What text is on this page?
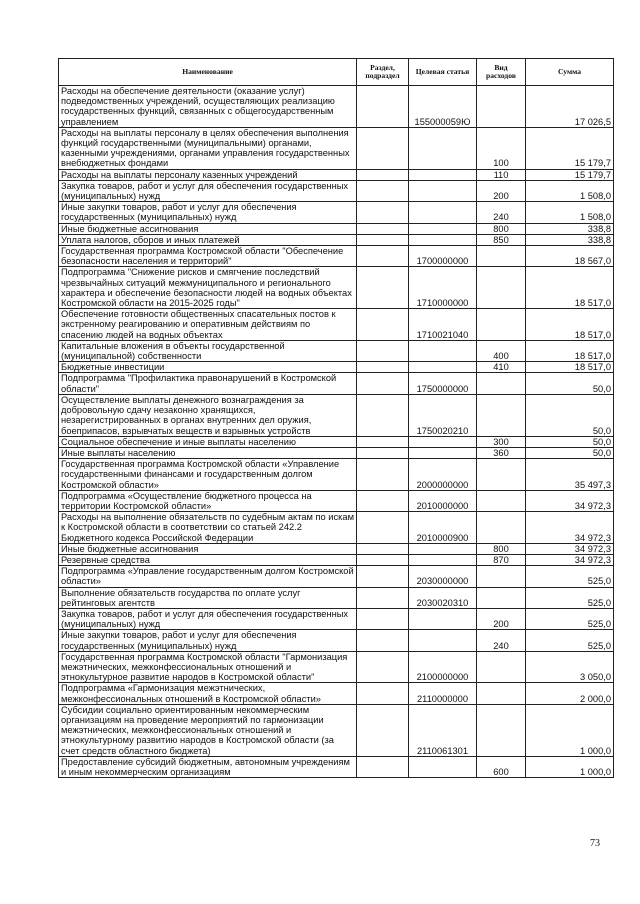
Наименование	Раздел, подраздел	Целевая статья	Вид расходов	Сумма
Расходы на обеспечение деятельности (оказание услуг) подведомственных учреждений, осуществляющих реализацию государственных функций, связанных с общегосударственным управлением		155000059Ю		17 026,5
Расходы на выплаты персоналу в целях обеспечения выполнения функций государственными (муниципальными) органами, казенными учреждениями, органами управления государственных внебюджетных фондами			100	15 179,7
Расходы на выплаты персоналу казенных учреждений			110	15 179,7
Закупка товаров, работ и услуг для обеспечения государственных (муниципальных) нужд			200	1 508,0
Иные закупки товаров, работ и услуг для обеспечения государственных (муниципальных) нужд			240	1 508,0
Иные бюджетные ассигнования			800	338,8
Уплата налогов, сборов и иных платежей			850	338,8
Государственная программа Костромской области "Обеспечение безопасности населения и территорий"		1700000000		18 567,0
Подпрограмма "Снижение рисков и смягчение последствий чрезвычайных ситуаций межмуниципального и регионального характера и обеспечение безопасности людей на водных объектах Костромской области на 2015-2025 годы"		1710000000		18 517,0
Обеспечение готовности общественных спасательных постов к экстренному реагированию и оперативным действиям по спасению людей на водных объектах		1710021040		18 517,0
Капитальные вложения в объекты государственной (муниципальной) собственности			400	18 517,0
Бюджетные инвестиции			410	18 517,0
Подпрограмма "Профилактика правонарушений в Костромской области"		1750000000		50,0
Осуществление выплаты денежного вознаграждения за добровольную сдачу незаконно хранящихся, незарегистрированных в органах внутренних дел оружия, боеприпасов, взрывчатых веществ и взрывных устройств		1750020210		50,0
Социальное обеспечение и иные выплаты населению			300	50,0
Иные выплаты населению			360	50,0
Государственная программа Костромской области «Управление государственными финансами и государственным долгом Костромской области»		2000000000		35 497,3
Подпрограмма «Осуществление бюджетного процесса на территории Костромской области»		2010000000		34 972,3
Расходы на выполнение обязательств по судебным актам по искам к Костромской области в соответствии со статьей 242.2 Бюджетного кодекса Российской Федерации		2010000900		34 972,3
Иные бюджетные ассигнования			800	34 972,3
Резервные средства			870	34 972,3
Подпрограмма «Управление государственным долгом Костромской области»		2030000000		525,0
Выполнение обязательств государства по оплате услуг рейтинговых агентств		2030020310		525,0
Закупка товаров, работ и услуг для обеспечения государственных (муниципальных) нужд			200	525,0
Иные закупки товаров, работ и услуг для обеспечения государственных (муниципальных) нужд			240	525,0
Государственная программа Костромской области "Гармонизация межэтнических, межконфессиональных отношений и этнокультурное развитие народов в Костромской области"		2100000000		3 050,0
Подпрограмма «Гармонизация межэтнических, межконфессиональных отношений в Костромской области»		2110000000		2 000,0
Субсидии социально ориентированным некоммерческим организациям на проведение мероприятий по гармонизации межэтнических, межконфессиональных отношений и этнокультурному развитию народов в Костромской области (за счет средств областного бюджета)		2110061301		1 000,0
Предоставление субсидий бюджетным, автономным учреждениям и иным некоммерческим организациям			600	1 000,0
73
